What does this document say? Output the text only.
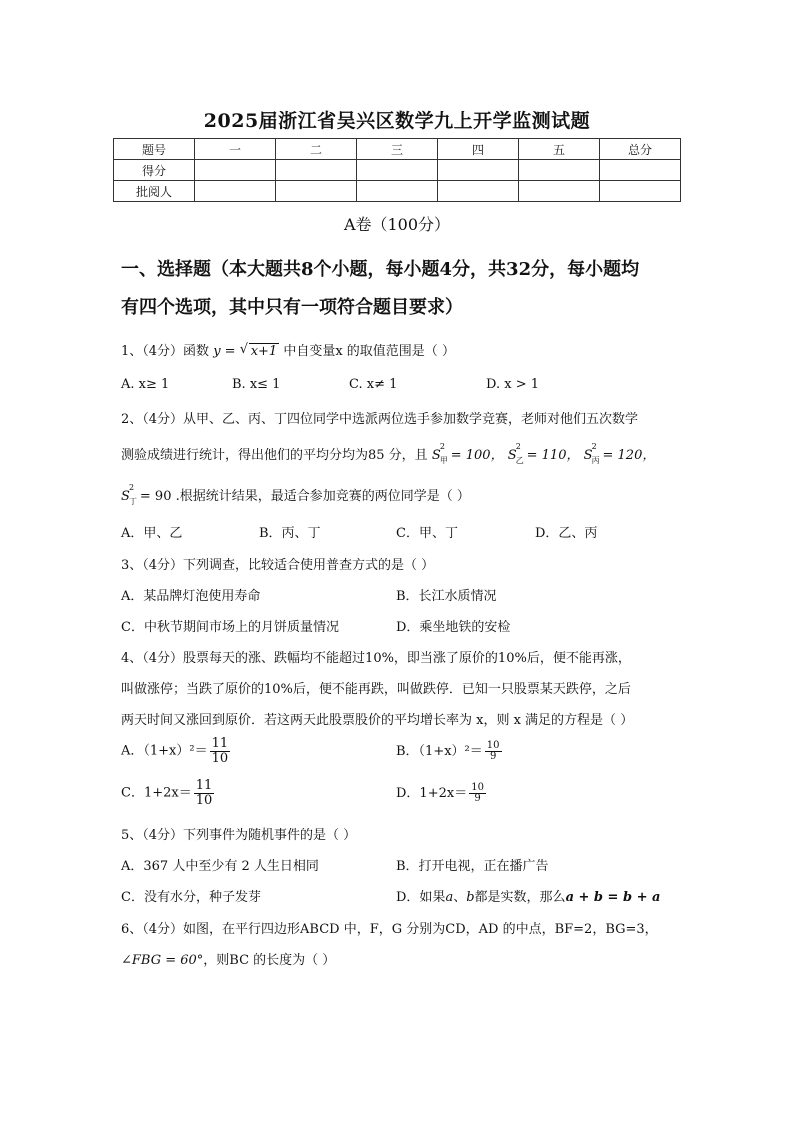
2025届浙江省吴兴区数学九上开学监测试题
题号	一	二	三	四	五	总分
得分						
批阅人						
A卷（100分）
一、选择题（本大题共8个小题，每小题4分，共32分，每小题均
有四个选项，其中只有一项符合题目要求）
1、（4分）函数 y = √ x+1 中自变量x 的取值范围是（ ）
A. x≥ 1	B. x≤ 1	C. x≠ 1	D. x > 1
2、（4分）从甲、乙、丙、丁四位同学中选派两位选手参加数学竞赛，老师对他们五次数学
测验成绩进行统计，得出他们的平均分均为85 分，且 S
2
甲 = 100， S
2
乙 = 110， S
2
丙 = 120，
S
2
丁 = 90 .根据统计结果，最适合参加竞赛的两位同学是（ ）
A．甲、乙	B．丙、丁	C．甲、丁	D．乙、丙
3、（4分）下列调查，比较适合使用普查方式的是（ ）
A．某品牌灯泡使用寿命	B．长江水质情况
C．中秋节期间市场上的月饼质量情况	D．乘坐地铁的安检
4、（4分）股票每天的涨、跌幅均不能超过10%，即当涨了原价的10%后，便不能再涨，
叫做涨停；当跌了原价的10%后，便不能再跌，叫做跌停．已知一只股票某天跌停，之后
两天时间又涨回到原价．若这两天此股票股价的平均增长率为 x，则 x 满足的方程是（ ）
A．$(1+x)^2= \frac{11}{10}$	B．$(1+x)^2= \frac{10}{9}$
C．$1+2x= \frac{11}{10}$	D．$1+2x= \frac{10}{9}$
5、（4分）下列事件为随机事件的是（ ）
A．367 人中至少有 2 人生日相同	B．打开电视，正在播广告
C．没有水分，种子发芽	D．如果a、b都是实数，那么a + b = b + a
6、（4分）如图，在平行四边形ABCD 中，F，G 分别为CD，AD 的中点，BF=2，BG=3，
∠FBG = 60°，则BC 的长度为（ ）
